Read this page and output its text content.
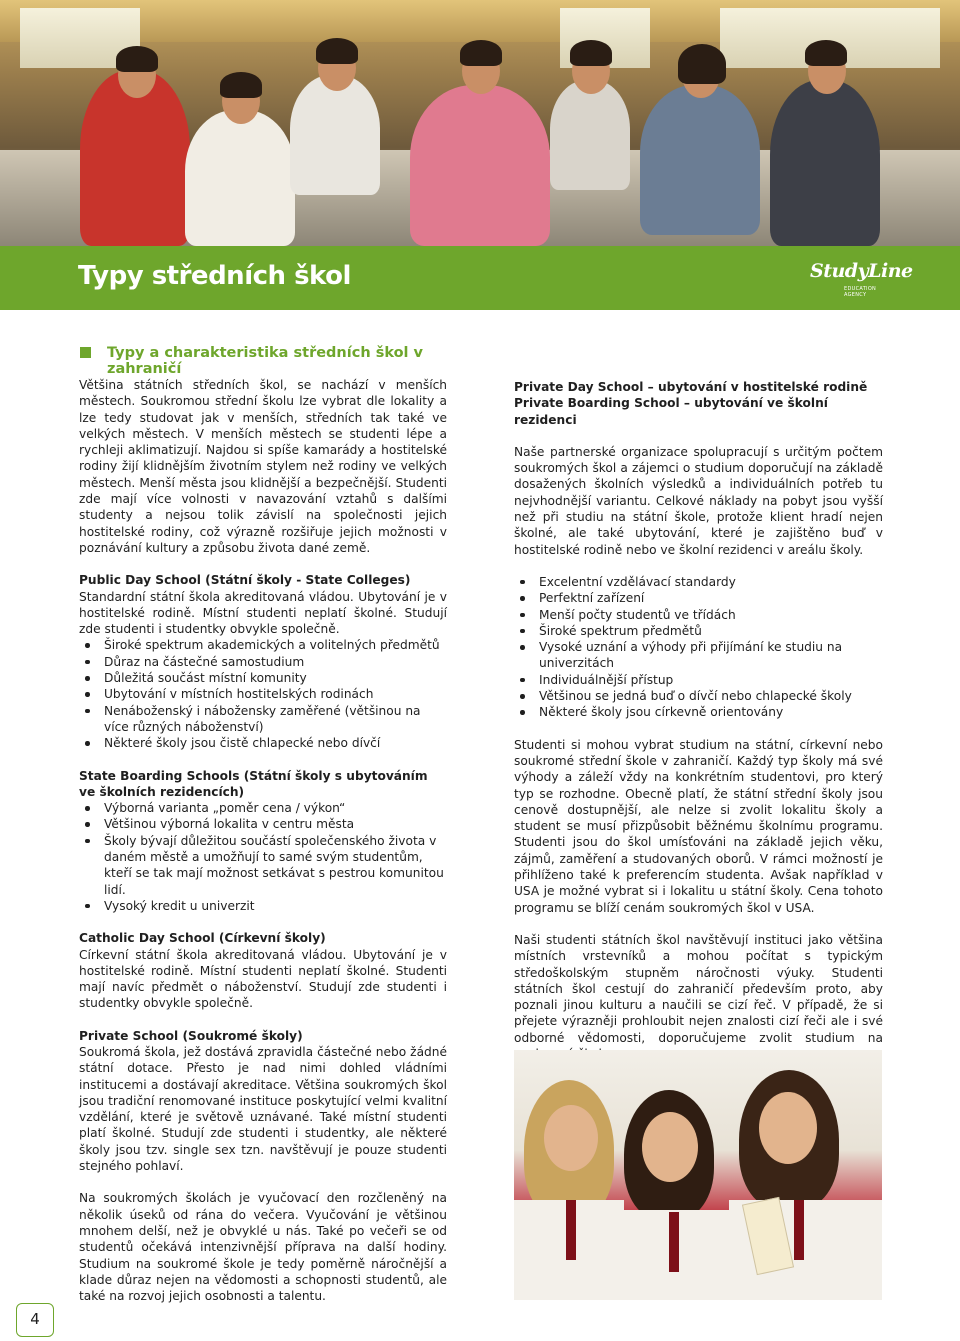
Typy středních škol	StudyLine
EDUCATION AGENCY
Typy a charakteristika středních škol v zahraničí

Většina státních středních škol, se nachází v menších městech. Soukromou střední školu lze vybrat dle lokality a lze tedy studovat jak v menších, středních tak také ve velkých městech. V menších městech se studenti lépe a rychleji aklimatizují. Najdou si spíše kamarády a hostitelské rodiny žijí klidnějším životním stylem než rodiny ve velkých městech. Menší města jsou klidnější a bezpečnější. Studenti zde mají více volnosti v navazování vztahů s dalšími studenty a nejsou tolik závislí na společnosti jejich hostitelské rodiny, což výrazně rozšiřuje jejich možnosti v poznávání kultury a způsobu života dané země.

Public Day School (Státní školy - State Colleges)

Standardní státní škola akreditovaná vládou. Ubytování je v hostitelské rodině. Místní studenti neplatí školné. Studují zde studenti i studentky obvykle společně.

Široké spektrum akademických a volitelných předmětů
Důraz na částečné samostudium
Důležitá součást místní komunity
Ubytování v místních hostitelských rodinách
Nenáboženský i nábožensky zaměřené (většinou na více různých náboženství)
Některé školy jsou čistě chlapecké nebo dívčí
State Boarding Schools (Státní školy s ubytováním ve školních rezidencích)
Výborná varianta „poměr cena / výkon“
Většinou výborná lokalita v centru města
Školy bývají důležitou součástí společenského života v daném městě a umožňují to samé svým studentům, kteří se tak mají možnost setkávat s pestrou komunitou lidí.
Vysoký kredit u univerzit
Catholic Day School (Církevní školy)

Církevní státní škola akreditovaná vládou. Ubytování je v hostitelské rodině. Místní studenti neplatí školné. Studenti mají navíc předmět o náboženství. Studují zde studenti i studentky obvykle společně.

Private School (Soukromé školy)

Soukromá škola, jež dostává zpravidla částečné nebo žádné státní dotace. Přesto je nad nimi dohled vládními institucemi a dostávají akreditace. Většina soukromých škol jsou tradiční renomované instituce poskytující velmi kvalitní vzdělání, které je světově uznávané. Také místní studenti platí školné. Studují zde studenti i studentky, ale některé školy jsou tzv. single sex tzn. navštěvují je pouze studenti stejného pohlaví.

Na soukromých školách je vyučovací den rozčleněný na několik úseků od rána do večera. Vyučování je většinou mnohem delší, než je obvyklé u nás. Také po večeři se od studentů očekává intenzivnější příprava na další hodiny. Studium na soukromé škole je tedy poměrně náročnější a klade důraz nejen na vědomosti a schopnosti studentů, ale také na rozvoj jejich osobnosti a talentu.

Private Day School – ubytování v hostitelské rodině
Private Boarding School – ubytování ve školní rezidenci

Naše partnerské organizace spolupracují s určitým počtem soukromých škol a zájemci o studium doporučují na základě dosažených školních výsledků a individuálních potřeb tu nejvhodnější variantu. Celkové náklady na pobyt jsou vyšší než při studiu na státní škole, protože klient hradí nejen školné, ale také ubytování, které je zajištěno buď v hostitelské rodině nebo ve školní rezidenci v areálu školy.

Excelentní vzdělávací standardy
Perfektní zařízení
Menší počty studentů ve třídách
Široké spektrum předmětů
Vysoké uznání a výhody při přijímání ke studiu na univerzitách
Individuálnější přístup
Většinou se jedná buď o dívčí nebo chlapecké školy
Některé školy jsou církevně orientovány

Studenti si mohou vybrat studium na státní, církevní nebo soukromé střední škole v zahraničí. Každý typ školy má své výhody a záleží vždy na konkrétním studentovi, pro který typ se rozhodne. Obecně platí, že státní střední školy jsou cenově dostupnější, ale nelze si zvolit lokalitu školy a student se musí přizpůsobit běžnému školnímu programu. Studenti jsou do škol umísťováni na základě jejich věku, zájmů, zaměření a studovaných oborů. V rámci možností je přihlíženo také k preferencím studenta. Avšak například v USA je možné vybrat si i lokalitu u státní školy. Cena tohoto programu se blíží cenám soukromých škol v USA.

Naši studenti státních škol navštěvují instituci jako většina místních vrstevníků a mohou počítat s typickým středoškolským stupněm náročnosti výuky. Studenti státních škol cestují do zahraničí především proto, aby poznali jinou kulturu a naučili se cizí řeč. V případě, že si přejete výrazněji prohloubit nejen znalosti cizí řeči ale i své odborné vědomosti, doporučujeme zvolit studium na

4
